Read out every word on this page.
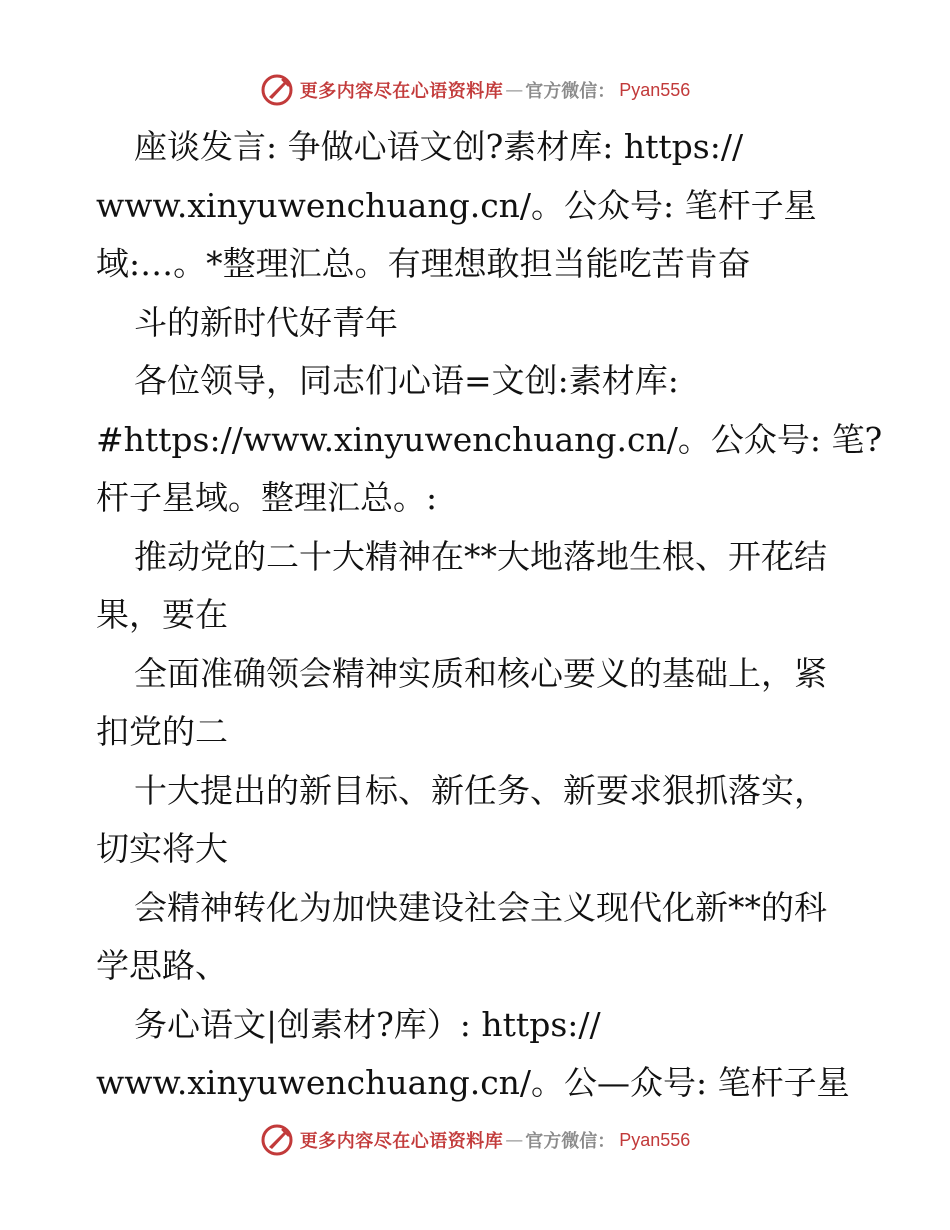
更多内容尽在心语资料库 — 官方微信： Pyan556
座谈发言: 争做心语文创?素材库: https://
www.xinyuwenchuang.cn/。公众号: 笔杆子星
域:…。*整理汇总。有理想敢担当能吃苦肯奋
斗的新时代好青年
各位领导，同志们心语=文创:素材库:
#https://www.xinyuwenchuang.cn/。公众号: 笔?
杆子星域。整理汇总。:
推动党的二十大精神在**大地落地生根、开花结
果，要在
全面准确领会精神实质和核心要义的基础上，紧
扣党的二
十大提出的新目标、新任务、新要求狠抓落实，
切实将大
会精神转化为加快建设社会主义现代化新**的科
学思路、
务心语文|创素材?库）: https://
www.xinyuwenchuang.cn/。公—众号: 笔杆子星
更多内容尽在心语资料库 — 官方微信： Pyan556
